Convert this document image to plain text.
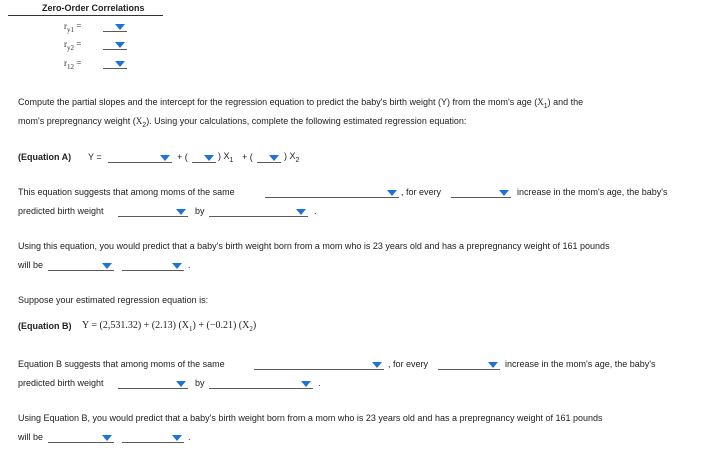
Zero-Order Correlations
$r_{y1}$ =
$r_{y2}$ =
$r_{12}$ =
Compute the partial slopes and the intercept for the regression equation to predict the baby's birth weight (Y) from the mom's age $(X_1)$ and the
mom's prepregnancy weight $(X_2)$. Using your calculations, complete the following estimated regression equation:
(Equation A) Y =	+ (	) $X_1$ + (	) $X_2$
This equation suggests that among moms of the same	, for every	increase in the mom's age, the baby's
predicted birth weight	by	.
Using this equation, you would predict that a baby's birth weight born from a mom who is 23 years old and has a prepregnancy weight of 161 pounds
will be	.
Suppose your estimated regression equation is:
(Equation B) Y = (2,531.32) + (2.13) $(X_1) + (-0.21)$ $(X_2)$
Equation B suggests that among moms of the same	, for every	increase in the mom's age, the baby's
predicted birth weight	by	.
Using Equation B, you would predict that a baby's birth weight born from a mom who is 23 years old and has a prepregnancy weight of 161 pounds
will be	.
